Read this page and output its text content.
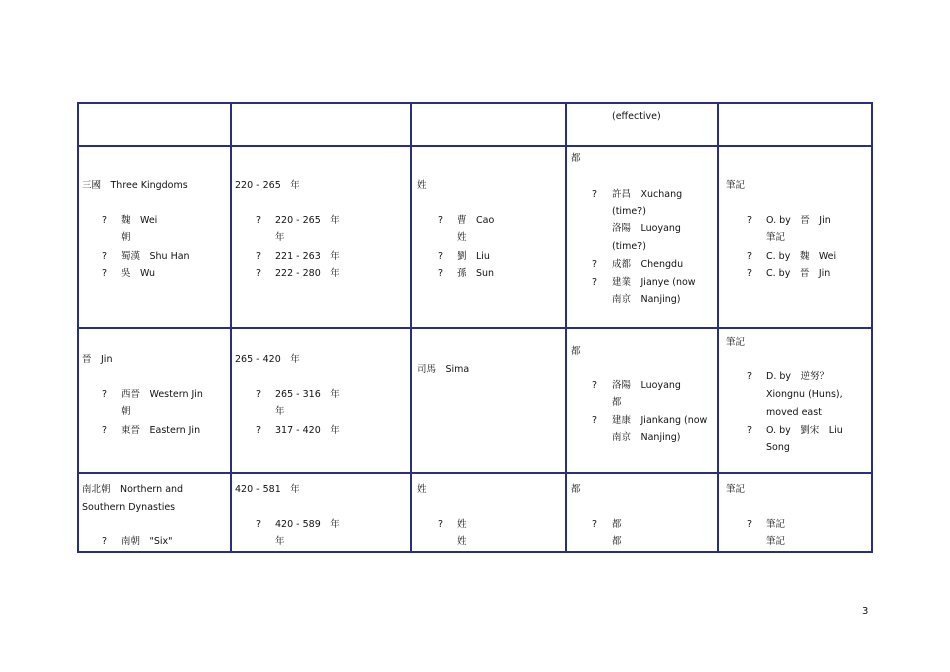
(effective)
三國　Three Kingdoms
? 魏　Wei
朝
? 蜀漢　Shu Han
? 吳　Wu
220 - 265　年
? 220 - 265　年
年
? 221 - 263　年
? 222 - 280　年
姓
? 曹　Cao
姓
? 劉　Liu
? 孫　Sun
都
? 許昌　Xuchang
(time?)
洛陽　Luoyang
(time?)
? 成都　Chengdu
? 建業　Jianye (now
南京　Nanjing)
筆記
? O. by　晉　Jin
筆記
? C. by　魏　Wei
? C. by　晉　Jin
晉　Jin
? 西晉　Western Jin
朝
? 東晉　Eastern Jin
265 - 420　年
? 265 - 316　年
年
? 317 - 420　年
司馬　Sima
都
? 洛陽　Luoyang
都
? 建康　Jiankang (now
南京　Nanjing)
筆記
? D. by　逆努？
Xiongnu (Huns),
moved east
? O. by　劉宋　Liu
Song
南北朝　Northern and
Southern Dynasties
? 南朝　"Six"
420 - 581　年
? 420 - 589　年
年
姓
? 姓
姓
都
? 都
都
筆記
? 筆記
筆記
3
